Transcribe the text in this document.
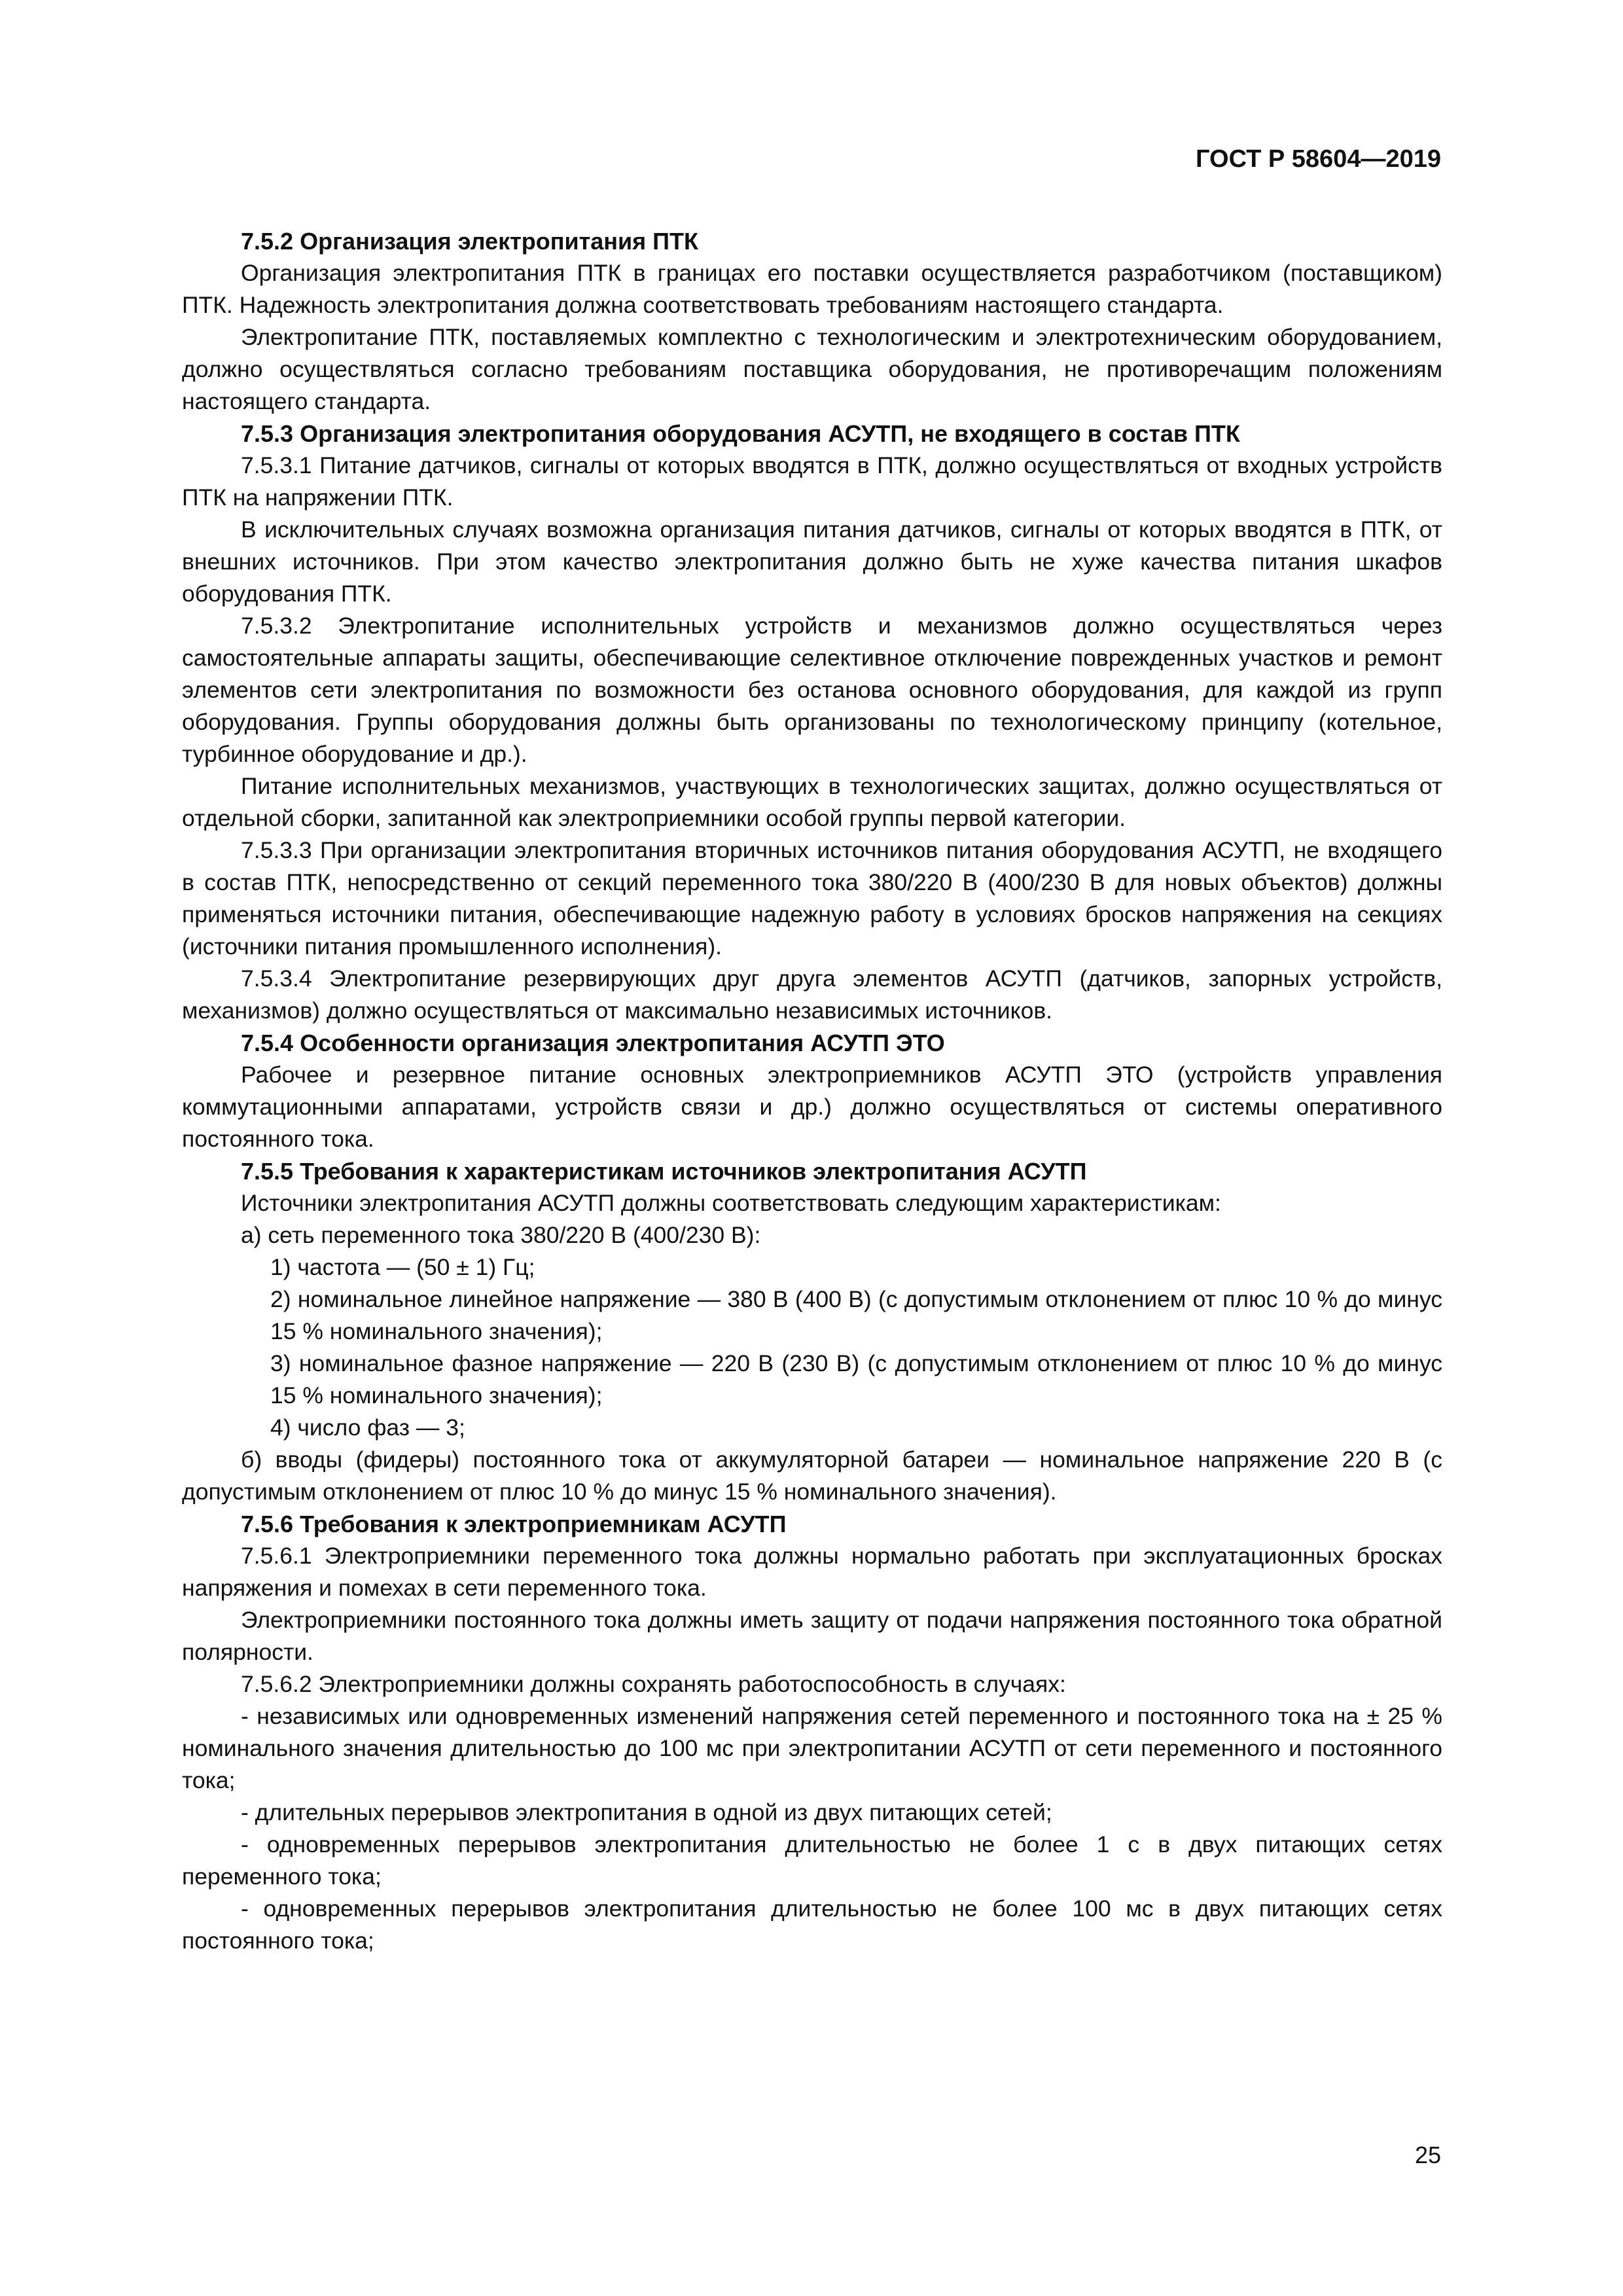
ГОСТ Р 58604—2019

7.5.2 Организация электропитания ПТК

Организация электропитания ПТК в границах его поставки осуществляется разработчиком (поставщиком) ПТК. Надежность электропитания должна соответствовать требованиям настоящего стандарта.

Электропитание ПТК, поставляемых комплектно с технологическим и электротехническим оборудованием, должно осуществляться согласно требованиям поставщика оборудования, не противоречащим положениям настоящего стандарта.

7.5.3 Организация электропитания оборудования АСУТП, не входящего в состав ПТК

7.5.3.1 Питание датчиков, сигналы от которых вводятся в ПТК, должно осуществляться от входных устройств ПТК на напряжении ПТК.

В исключительных случаях возможна организация питания датчиков, сигналы от которых вводятся в ПТК, от внешних источников. При этом качество электропитания должно быть не хуже качества питания шкафов оборудования ПТК.

7.5.3.2 Электропитание исполнительных устройств и механизмов должно осуществляться через самостоятельные аппараты защиты, обеспечивающие селективное отключение поврежденных участков и ремонт элементов сети электропитания по возможности без останова основного оборудования, для каждой из групп оборудования. Группы оборудования должны быть организованы по технологическому принципу (котельное, турбинное оборудование и др.).

Питание исполнительных механизмов, участвующих в технологических защитах, должно осуществляться от отдельной сборки, запитанной как электроприемники особой группы первой категории.

7.5.3.3 При организации электропитания вторичных источников питания оборудования АСУТП, не входящего в состав ПТК, непосредственно от секций переменного тока 380/220 В (400/230 В для новых объектов) должны применяться источники питания, обеспечивающие надежную работу в условиях бросков напряжения на секциях (источники питания промышленного исполнения).

7.5.3.4 Электропитание резервирующих друг друга элементов АСУТП (датчиков, запорных устройств, механизмов) должно осуществляться от максимально независимых источников.

7.5.4 Особенности организация электропитания АСУТП ЭТО

Рабочее и резервное питание основных электроприемников АСУТП ЭТО (устройств управления коммутационными аппаратами, устройств связи и др.) должно осуществляться от системы оперативного постоянного тока.

7.5.5 Требования к характеристикам источников электропитания АСУТП

Источники электропитания АСУТП должны соответствовать следующим характеристикам:

а) сеть переменного тока 380/220 В (400/230 В):

1) частота — (50 ± 1) Гц;

2) номинальное линейное напряжение — 380 В (400 В) (с допустимым отклонением от плюс 10 % до минус 15 % номинального значения);

3) номинальное фазное напряжение — 220 В (230 В) (с допустимым отклонением от плюс 10 % до минус 15 % номинального значения);

4) число фаз — 3;

б) вводы (фидеры) постоянного тока от аккумуляторной батареи — номинальное напряжение 220 В (с допустимым отклонением от плюс 10 % до минус 15 % номинального значения).

7.5.6 Требования к электроприемникам АСУТП

7.5.6.1 Электроприемники переменного тока должны нормально работать при эксплуатационных бросках напряжения и помехах в сети переменного тока.

Электроприемники постоянного тока должны иметь защиту от подачи напряжения постоянного тока обратной полярности.

7.5.6.2 Электроприемники должны сохранять работоспособность в случаях:

- независимых или одновременных изменений напряжения сетей переменного и постоянного тока на ± 25 % номинального значения длительностью до 100 мс при электропитании АСУТП от сети переменного и постоянного тока;

- длительных перерывов электропитания в одной из двух питающих сетей;

- одновременных перерывов электропитания длительностью не более 1 с в двух питающих сетях переменного тока;

- одновременных перерывов электропитания длительностью не более 100 мс в двух питающих сетях постоянного тока;

25
